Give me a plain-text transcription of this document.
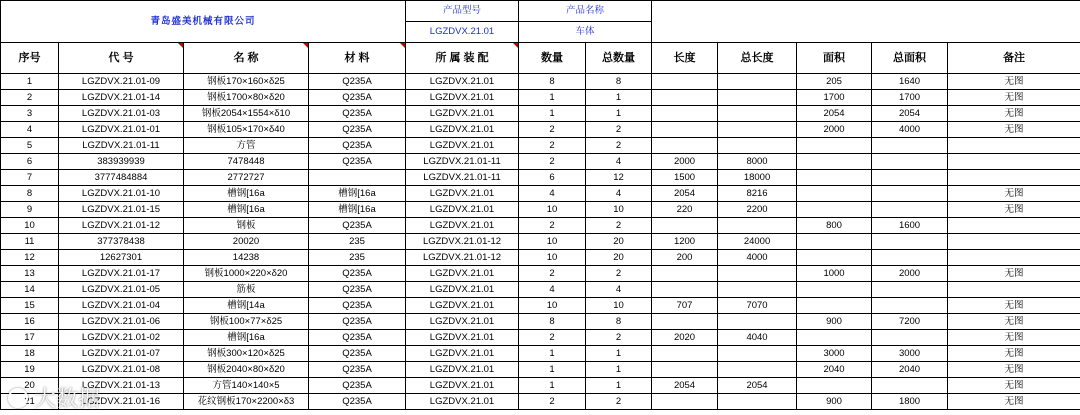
青岛盛美机械有限公司				产品型号	产品名称						
				LGZDVX.21.01	车体						
序号	代 号	名 称	材 料	所 属 装 配	数量	总数量	长度	总长度	面积	总面积	备注
1	LGZDVX.21.01-09	钢板170×160×δ25	Q235A	LGZDVX.21.01	8	8			205	1640	无图
2	LGZDVX.21.01-14	钢板1700×80×δ20	Q235A	LGZDVX.21.01	1	1			1700	1700	无图
3	LGZDVX.21.01-03	钢板2054×1554×δ10	Q235A	LGZDVX.21.01	1	1			2054	2054	无图
4	LGZDVX.21.01-01	钢板105×170×δ40	Q235A	LGZDVX.21.01	2	2			2000	4000	无图
5	LGZDVX.21.01-11	方管	Q235A	LGZDVX.21.01	2	2					
6	383939939	7478448	Q235A	LGZDVX.21.01-11	2	4	2000	8000			
7	3777484884	2772727		LGZDVX.21.01-11	6	12	1500	18000			
8	LGZDVX.21.01-10	槽钢[16a	槽钢[16a	LGZDVX.21.01	4	4	2054	8216			无图
9	LGZDVX.21.01-15	槽钢[16a	槽钢[16a	LGZDVX.21.01	10	10	220	2200			无图
10	LGZDVX.21.01-12	钢板	Q235A	LGZDVX.21.01	2	2			800	1600	
11	377378438	20020	235	LGZDVX.21.01-12	10	20	1200	24000			
12	12627301	14238	235	LGZDVX.21.01-12	10	20	200	4000			
13	LGZDVX.21.01-17	钢板1000×220×δ20	Q235A	LGZDVX.21.01	2	2			1000	2000	无图
14	LGZDVX.21.01-05	筋板	Q235A	LGZDVX.21.01	4	4					
15	LGZDVX.21.01-04	槽钢[14a	Q235A	LGZDVX.21.01	10	10	707	7070			无图
16	LGZDVX.21.01-06	钢板100×77×δ25	Q235A	LGZDVX.21.01	8	8			900	7200	无图
17	LGZDVX.21.01-02	槽钢[16a	Q235A	LGZDVX.21.01	2	2	2020	4040			无图
18	LGZDVX.21.01-07	钢板300×120×δ25	Q235A	LGZDVX.21.01	1	1			3000	3000	无图
19	LGZDVX.21.01-08	钢板2040×80×δ20	Q235A	LGZDVX.21.01	1	1			2040	2040	无图
20	LGZDVX.21.01-13	方管140×140×5	Q235A	LGZDVX.21.01	1	1	2054	2054			无图
21	LGZDVX.21.01-16	花纹钢板170×2200×δ3	Q235A	LGZDVX.21.01	2	2			900	1800	无图
大数据
